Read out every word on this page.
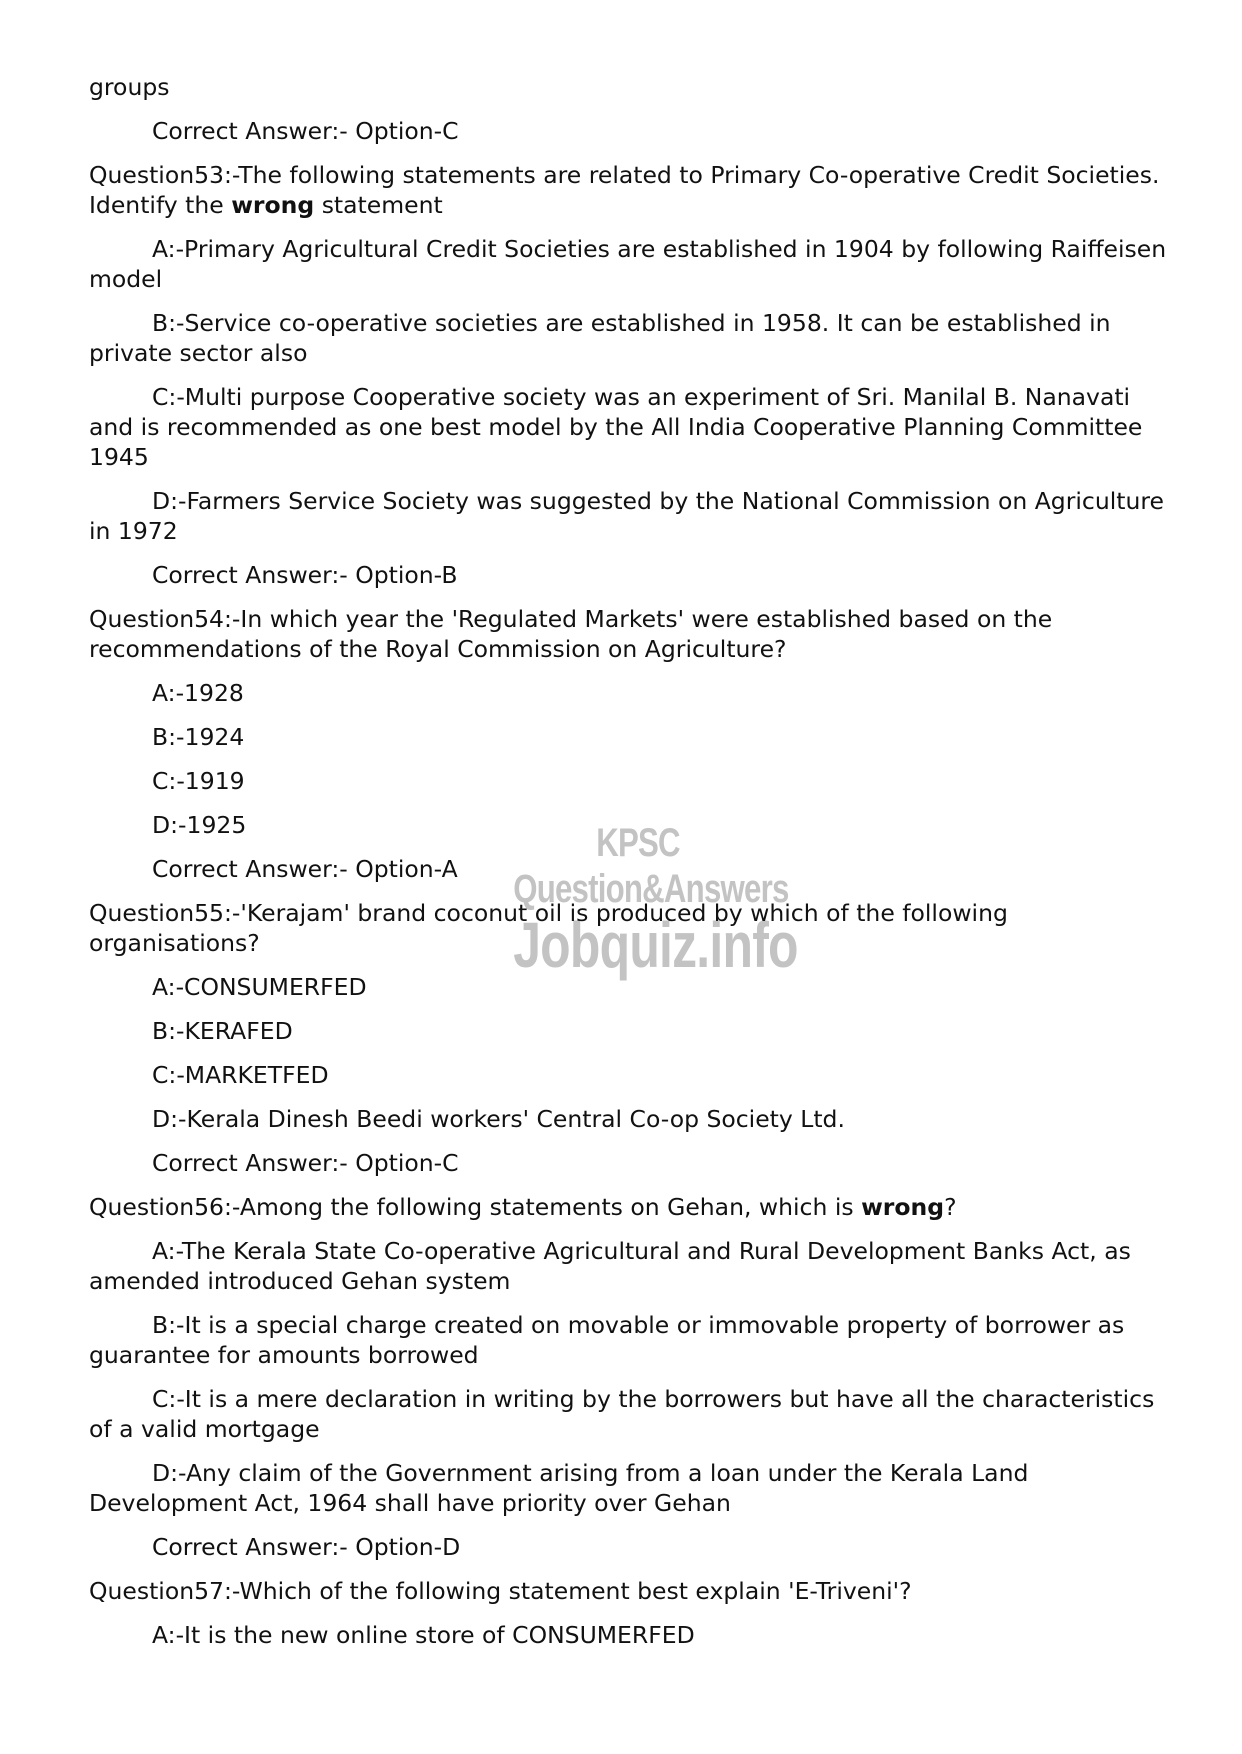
KPSC Question&Answers
Jobquiz.info

groups

Correct Answer:- Option-C

Question53:-The following statements are related to Primary Co-operative Credit Societies. Identify the wrong statement

A:-Primary Agricultural Credit Societies are established in 1904 by following Raiffeisen model

B:-Service co-operative societies are established in 1958. It can be established in private sector also

C:-Multi purpose Cooperative society was an experiment of Sri. Manilal B. Nanavati and is recommended as one best model by the All India Cooperative Planning Committee 1945

D:-Farmers Service Society was suggested by the National Commission on Agriculture in 1972

Correct Answer:- Option-B

Question54:-In which year the 'Regulated Markets' were established based on the recommendations of the Royal Commission on Agriculture?

A:-1928

B:-1924

C:-1919

D:-1925

Correct Answer:- Option-A

Question55:-'Kerajam' brand coconut oil is produced by which of the following organisations?

A:-CONSUMERFED

B:-KERAFED

C:-MARKETFED

D:-Kerala Dinesh Beedi workers' Central Co-op Society Ltd.

Correct Answer:- Option-C

Question56:-Among the following statements on Gehan, which is wrong?

A:-The Kerala State Co-operative Agricultural and Rural Development Banks Act, as amended introduced Gehan system

B:-It is a special charge created on movable or immovable property of borrower as guarantee for amounts borrowed

C:-It is a mere declaration in writing by the borrowers but have all the characteristics of a valid mortgage

D:-Any claim of the Government arising from a loan under the Kerala Land Development Act, 1964 shall have priority over Gehan

Correct Answer:- Option-D

Question57:-Which of the following statement best explain 'E-Triveni'?

A:-It is the new online store of CONSUMERFED
